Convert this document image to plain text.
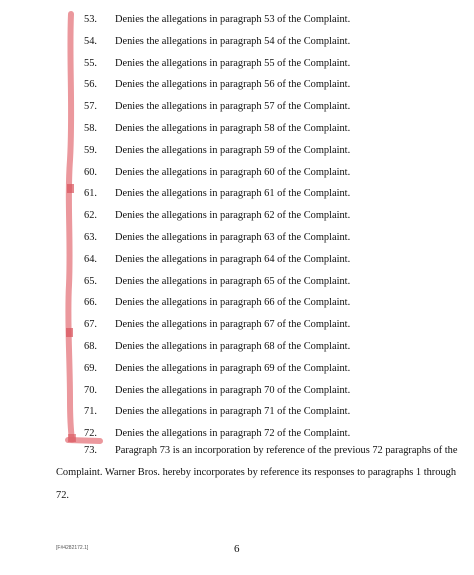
53. Denies the allegations in paragraph 53 of the Complaint.
54. Denies the allegations in paragraph 54 of the Complaint.
55. Denies the allegations in paragraph 55 of the Complaint.
56. Denies the allegations in paragraph 56 of the Complaint.
57. Denies the allegations in paragraph 57 of the Complaint.
58. Denies the allegations in paragraph 58 of the Complaint.
59. Denies the allegations in paragraph 59 of the Complaint.
60. Denies the allegations in paragraph 60 of the Complaint.
61. Denies the allegations in paragraph 61 of the Complaint.
62. Denies the allegations in paragraph 62 of the Complaint.
63. Denies the allegations in paragraph 63 of the Complaint.
64. Denies the allegations in paragraph 64 of the Complaint.
65. Denies the allegations in paragraph 65 of the Complaint.
66. Denies the allegations in paragraph 66 of the Complaint.
67. Denies the allegations in paragraph 67 of the Complaint.
68. Denies the allegations in paragraph 68 of the Complaint.
69. Denies the allegations in paragraph 69 of the Complaint.
70. Denies the allegations in paragraph 70 of the Complaint.
71. Denies the allegations in paragraph 71 of the Complaint.
72. Denies the allegations in paragraph 72 of the Complaint.
73. Paragraph 73 is an incorporation by reference of the previous 72 paragraphs of the
Complaint. Warner Bros. hereby incorporates by reference its responses to paragraphs 1 through
72.
[F#4282172.1]	6
